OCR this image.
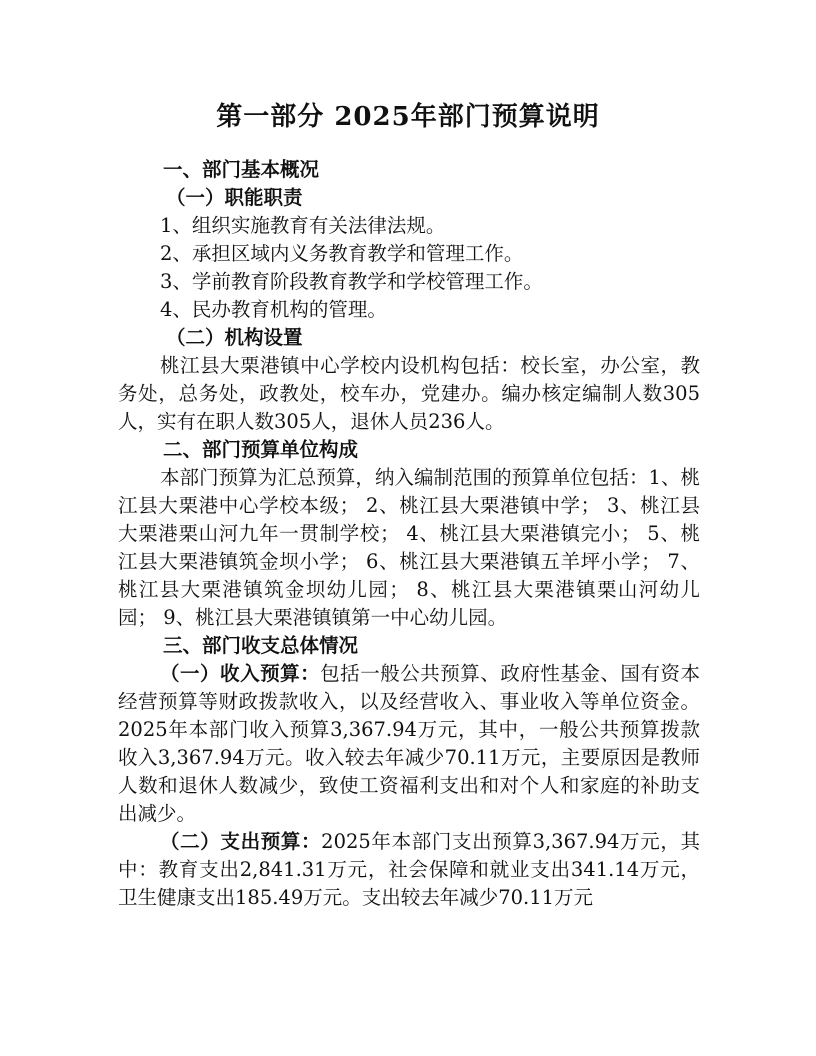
第一部分 2025年部门预算说明

一、部门基本概况

（一）职能职责

1、组织实施教育有关法律法规。

2、承担区域内义务教育教学和管理工作。

3、学前教育阶段教育教学和学校管理工作。

4、民办教育机构的管理。

（二）机构设置

桃江县大栗港镇中心学校内设机构包括：校长室，办公室，教务处，总务处，政教处，校车办，党建办。编办核定编制人数305人，实有在职人数305人，退休人员236人。

二、部门预算单位构成

本部门预算为汇总预算，纳入编制范围的预算单位包括：1、桃江县大栗港中心学校本级； 2、桃江县大栗港镇中学； 3、桃江县大栗港栗山河九年一贯制学校； 4、桃江县大栗港镇完小； 5、桃江县大栗港镇筑金坝小学； 6、桃江县大栗港镇五羊坪小学； 7、桃江县大栗港镇筑金坝幼儿园； 8、桃江县大栗港镇栗山河幼儿园； 9、桃江县大栗港镇镇第一中心幼儿园。

三、部门收支总体情况

（一）收入预算：包括一般公共预算、政府性基金、国有资本经营预算等财政拨款收入，以及经营收入、事业收入等单位资金。2025年本部门收入预算3,367.94万元，其中，一般公共预算拨款收入3,367.94万元。收入较去年减少70.11万元，主要原因是教师人数和退休人数减少，致使工资福利支出和对个人和家庭的补助支出减少。

（二）支出预算：2025年本部门支出预算3,367.94万元，其中：教育支出2,841.31万元，社会保障和就业支出341.14万元，卫生健康支出185.49万元。支出较去年减少70.11万元
